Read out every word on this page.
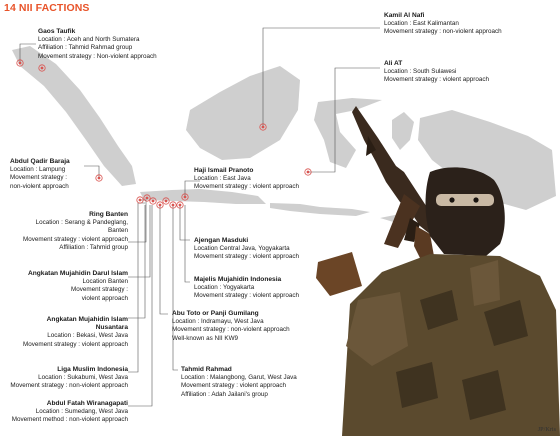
14 NII FACTIONS
Gaos Taufik
Location : Aceh and North Sumatera
Affiliation : Tahmid Rahmad group
Movement strategy : Non-violent approach
Kamil Al Nafi
Location : East Kalimantan
Movement strategy : non-violent approach
Ali AT
Location : South Sulawesi
Movement strategy : violent approach
Abdul Qadir Baraja
Location : Lampung
Movement strategy :
non-violent approach
Haji Ismail Pranoto
Location : East Java
Movement strategy : violent approach
Ring Banten
Location : Serang & Pandeglang,
Banten
Movement strategy : violent approach
Affiliation : Tahmid group
Ajengan Masduki
Location Central Java, Yogyakarta
Movement strategy : violent approach
Angkatan Mujahidin Darul Islam
Location Banten
Movement strategy :
violent approach
Majelis Mujahidin Indonesia
Location : Yogyakarta
Movement strategy : violent approach
Angkatan Mujahidin Islam
Nusantara
Location : Bekasi, West Java
Movement strategy : violent approach
Abu Toto or Panji Gumilang
Location : Indramayu, West Java
Movement strategy : non-violent approach
Well-known as NII KW9
Liga Muslim Indonesia
Location : Sukabumi, West Java
Movement strategy : non-violent approach
Tahmid Rahmad
Location : Malangbong, Garut, West Java
Movement strategy : violent approach
Affiliation : Adah Jailani's group
Abdul Fatah Wiranagapati
Location : Sumedang, West Java
Movement method : non-violent approach
JP/Kris
